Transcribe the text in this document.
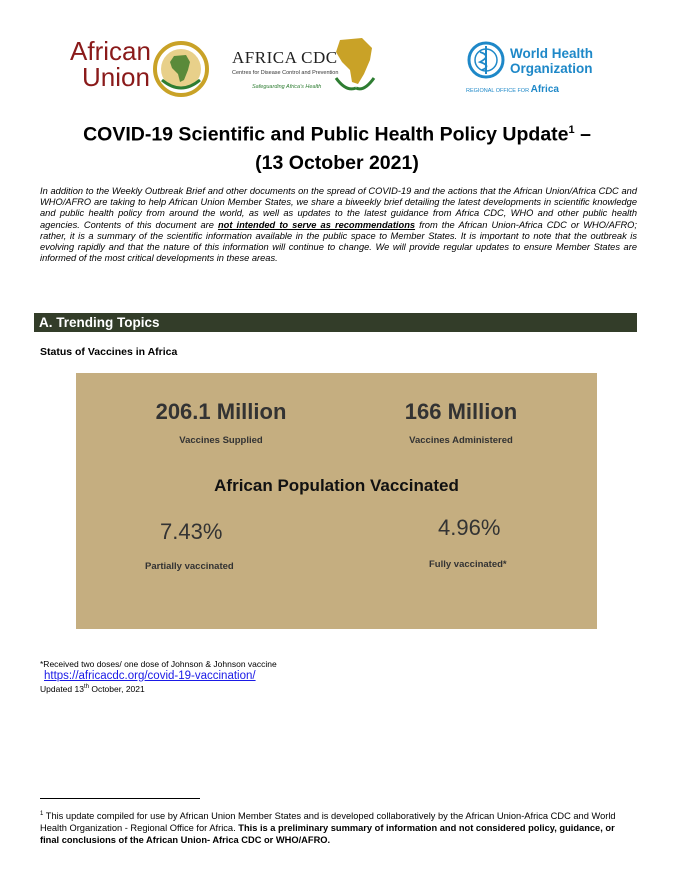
African
Union
AFRICA CDC
Centres for Disease Control and Prevention
Safeguarding Africa's Health
World Health
Organization
REGIONAL OFFICE FOR Africa
COVID-19 Scientific and Public Health Policy Update$^1$ –
(13 October 2021)
In addition to the Weekly Outbreak Brief and other documents on the spread of COVID-19 and the actions that the African Union/Africa CDC and WHO/AFRO are taking to help African Union Member States, we share a biweekly brief detailing the latest developments in scientific knowledge and public health policy from around the world, as well as updates to the latest guidance from Africa CDC, WHO and other public health agencies. Contents of this document are not intended to serve as recommendations from the African Union-Africa CDC or WHO/AFRO; rather, it is a summary of the scientific information available in the public space to Member States. It is important to note that the outbreak is evolving rapidly and that the nature of this information will continue to change. We will provide regular updates to ensure Member States are informed of the most critical developments in these areas.
A. Trending Topics
Status of Vaccines in Africa
206.1 Million
Vaccines Supplied
166 Million
Vaccines Administered
African Population Vaccinated
7.43%
Partially vaccinated
4.96%
Fully vaccinated*
*Received two doses/ one dose of Johnson & Johnson vaccine
https://africacdc.org/covid-19-vaccination/
Updated 13th October, 2021
$^1$ This update compiled for use by African Union Member States and is developed collaboratively by the African Union-Africa CDC and World Health Organization - Regional Office for Africa. This is a preliminary summary of information and not considered policy, guidance, or final conclusions of the African Union- Africa CDC or WHO/AFRO.
